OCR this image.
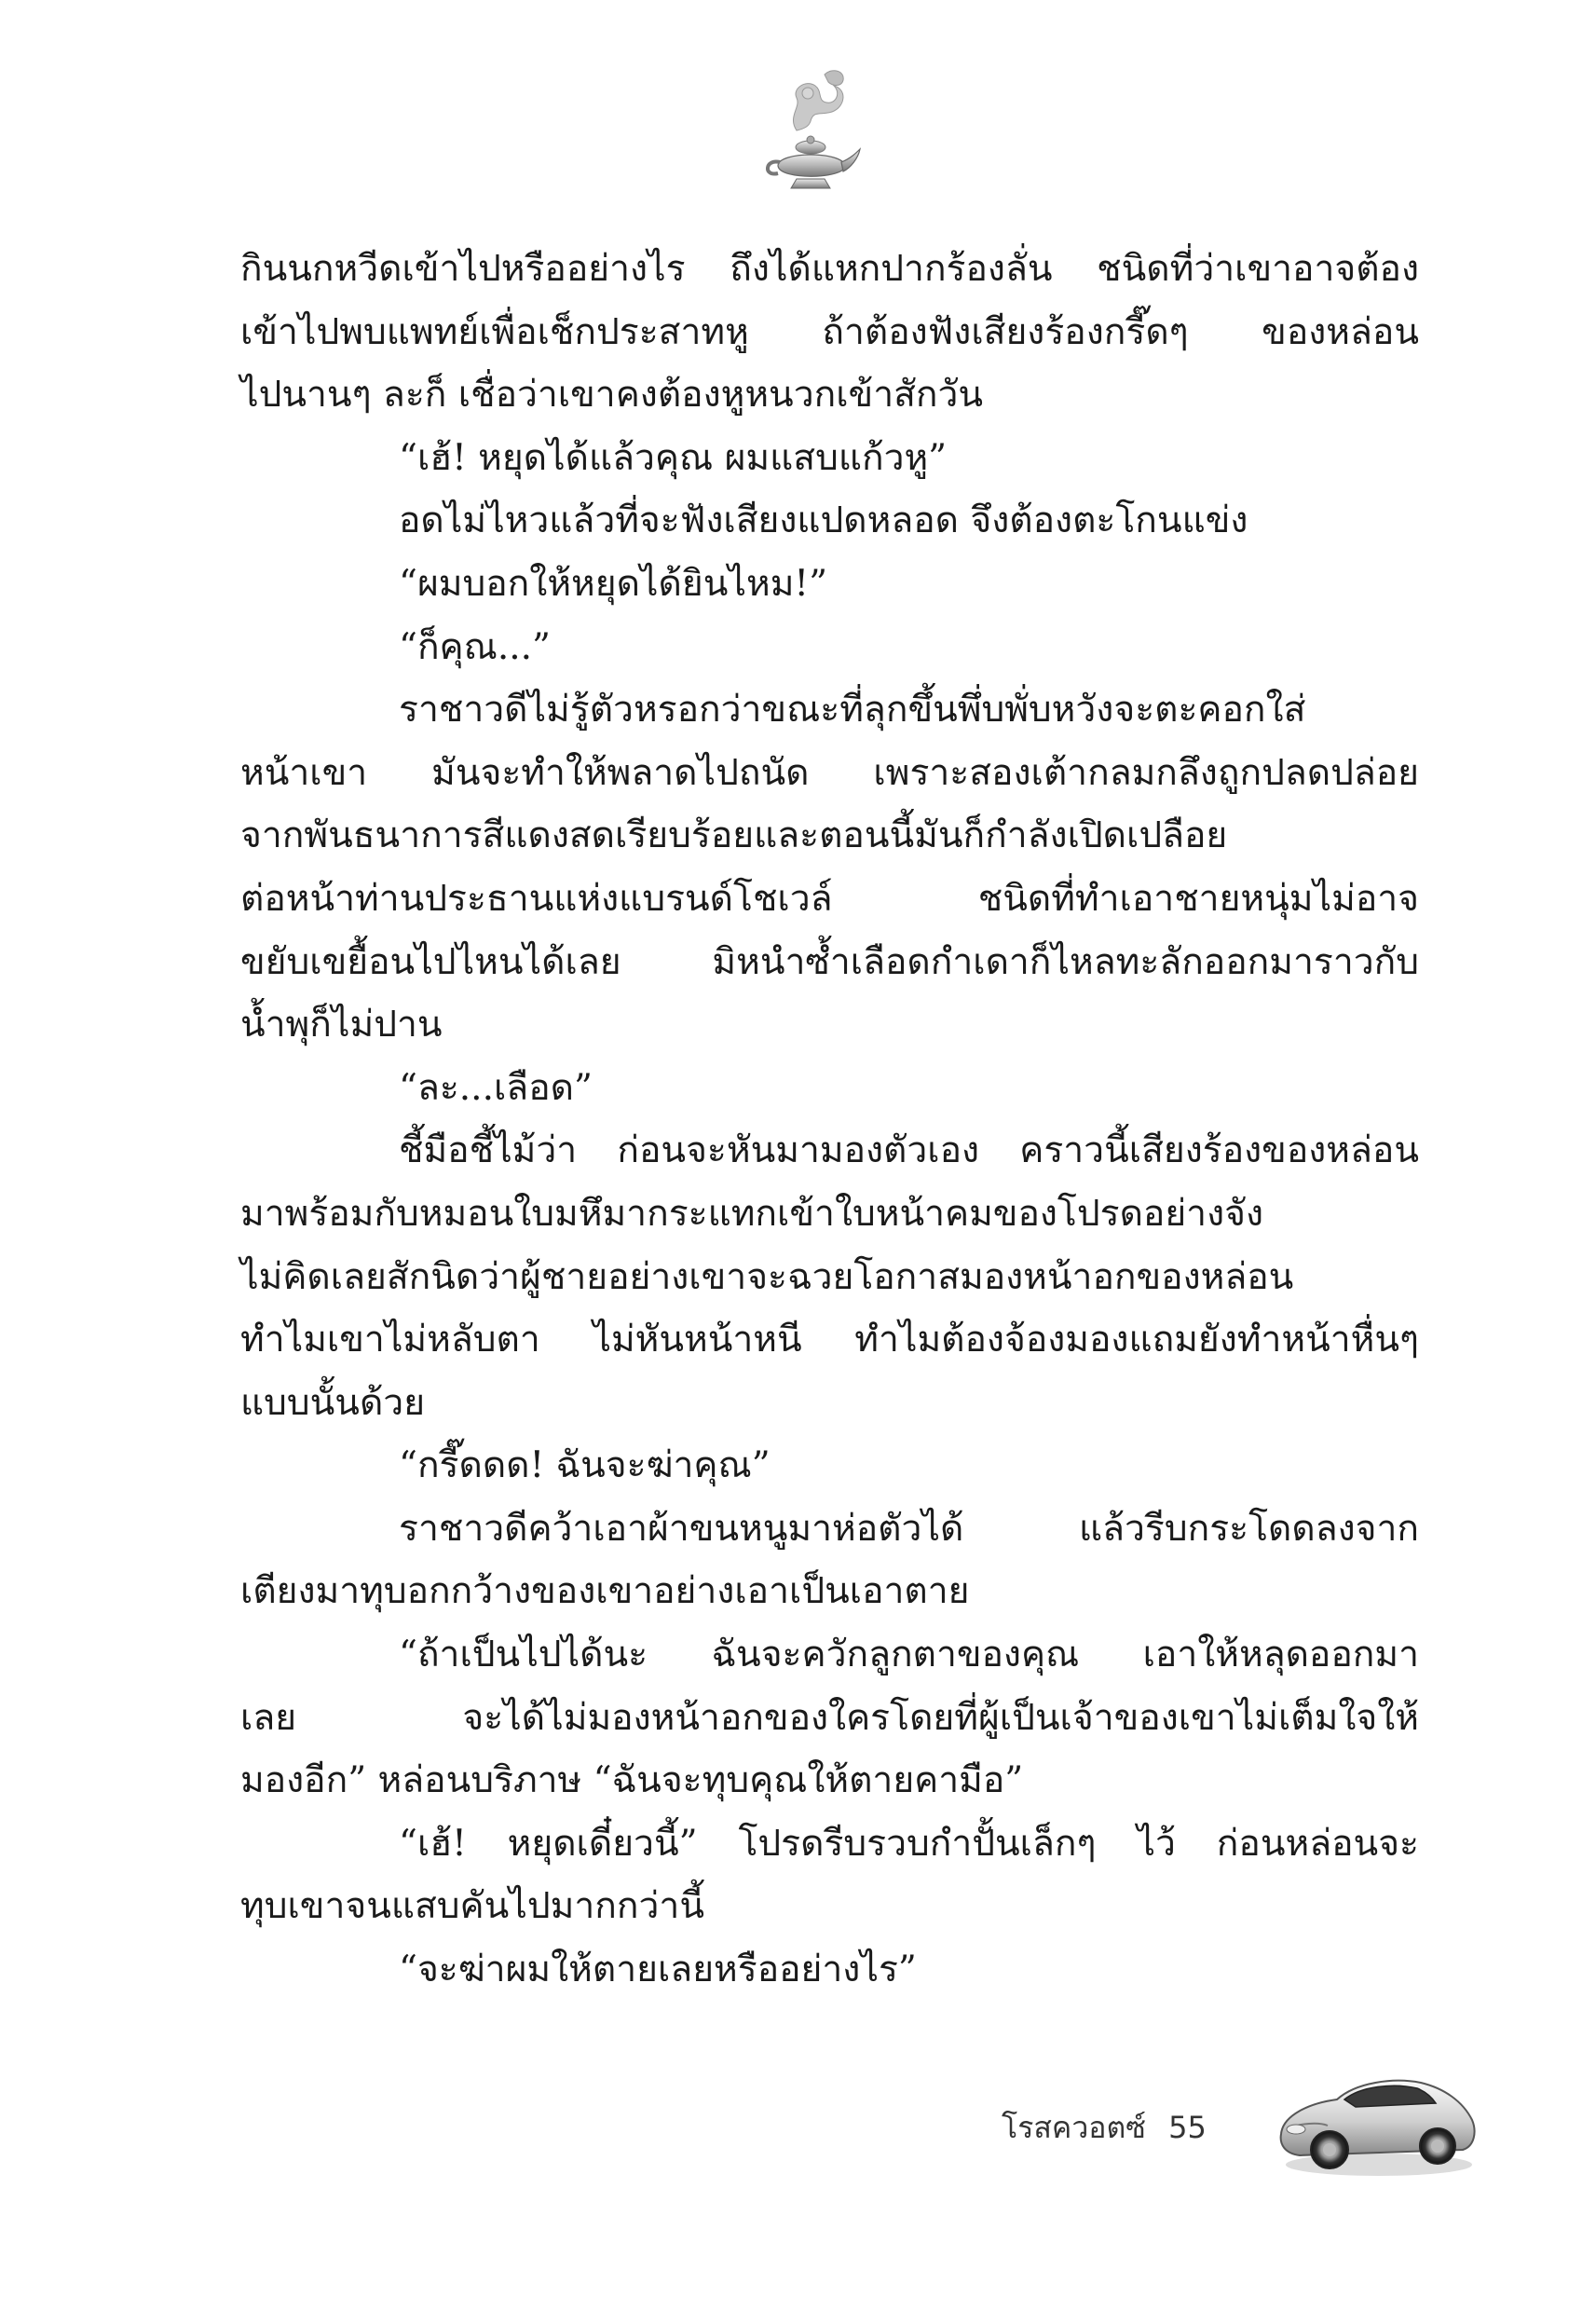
กินนกหวีดเข้าไปหรืออย่างไร ถึงได้แหกปากร้องลั่น ชนิดที่ว่าเขาอาจต้อง

เข้าไปพบแพทย์เพื่อเช็กประสาทหู ถ้าต้องฟังเสียงร้องกรี๊ดๆ ของหล่อน

ไปนานๆ ละก็ เชื่อว่าเขาคงต้องหูหนวกเข้าสักวัน

“เฮ้! หยุดได้แล้วคุณ ผมแสบแก้วหู”

อดไม่ไหวแล้วที่จะฟังเสียงแปดหลอด จึงต้องตะโกนแข่ง

“ผมบอกให้หยุดได้ยินไหม!”

“ก็คุณ...”

ราชาวดีไม่รู้ตัวหรอกว่าขณะที่ลุกขึ้นพึ่บพั่บหวังจะตะคอกใส่

หน้าเขา มันจะทำให้พลาดไปถนัด เพราะสองเต้ากลมกลึงถูกปลดปล่อย

จากพันธนาการสีแดงสดเรียบร้อยและตอนนี้มันก็กำลังเปิดเปลือย

ต่อหน้าท่านประธานแห่งแบรนด์โชเวล์ ชนิดที่ทำเอาชายหนุ่มไม่อาจ

ขยับเขยื้อนไปไหนได้เลย มิหนำซ้ำเลือดกำเดาก็ไหลทะลักออกมาราวกับ

น้ำพุก็ไม่ปาน

“ละ...เลือด”

ชี้มือชี้ไม้ว่า ก่อนจะหันมามองตัวเอง คราวนี้เสียงร้องของหล่อน

มาพร้อมกับหมอนใบมหึมากระแทกเข้าใบหน้าคมของโปรดอย่างจัง

ไม่คิดเลยสักนิดว่าผู้ชายอย่างเขาจะฉวยโอกาสมองหน้าอกของหล่อน

ทำไมเขาไม่หลับตา ไม่หันหน้าหนี ทำไมต้องจ้องมองแถมยังทำหน้าหื่นๆ

แบบนั้นด้วย

“กรี๊ดดด! ฉันจะฆ่าคุณ”

ราชาวดีคว้าเอาผ้าขนหนูมาห่อตัวได้ แล้วรีบกระโดดลงจาก

เตียงมาทุบอกกว้างของเขาอย่างเอาเป็นเอาตาย

“ถ้าเป็นไปได้นะ ฉันจะควักลูกตาของคุณ เอาให้หลุดออกมา

เลย จะได้ไม่มองหน้าอกของใครโดยที่ผู้เป็นเจ้าของเขาไม่เต็มใจให้

มองอีก” หล่อนบริภาษ “ฉันจะทุบคุณให้ตายคามือ”

“เฮ้! หยุดเดี๋ยวนี้” โปรดรีบรวบกำปั้นเล็กๆ ไว้ ก่อนหล่อนจะ

ทุบเขาจนแสบคันไปมากกว่านี้

“จะฆ่าผมให้ตายเลยหรืออย่างไร”

โรสควอตซ์ 55
